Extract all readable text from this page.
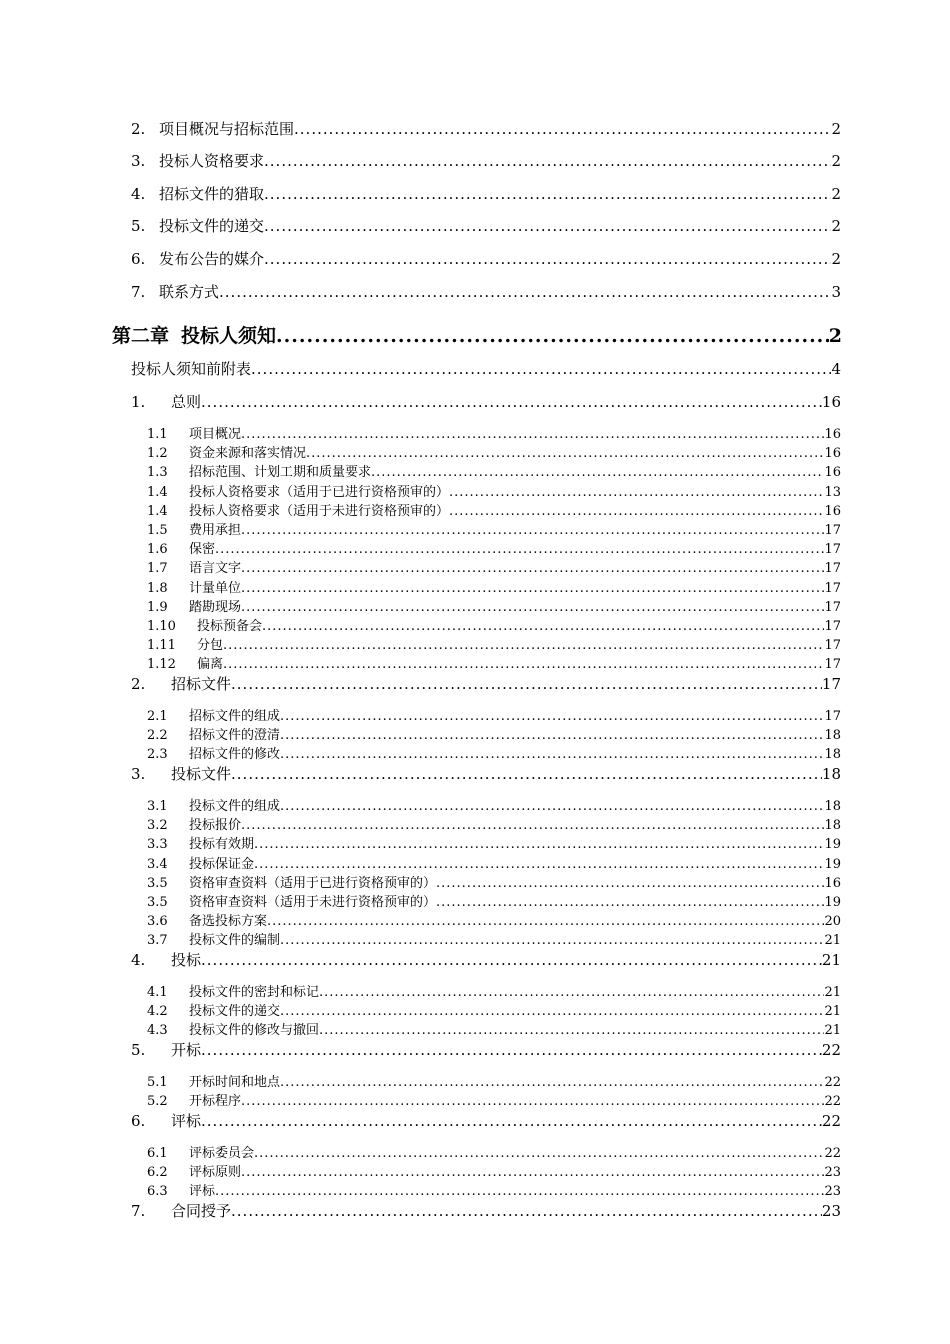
2. 项目概况与招标范围 .....	2
3. 投标人资格要求 .....	2
4. 招标文件的猎取 .....	2
5. 投标文件的递交 .....	2
6. 发布公告的媒介 .....	2
7. 联系方式 .....	3
第二章 投标人须知 .....	2
投标人须知前附表 .....	4
1.	总则 .....	16
1.1	项目概况 .....	16
1.2	资金来源和落实情况 .....	16
1.3	招标范围、计划工期和质量要求 .....	16
1.4	投标人资格要求（适用于已进行资格预审的） .....	13
1.4	投标人资格要求（适用于未进行资格预审的） .....	16
1.5	费用承担 .....	17
1.6	保密 .....	17
1.7	语言文字 .....	17
1.8	计量单位 .....	17
1.9	踏勘现场 .....	17
1.10	投标预备会 .....	17
1.11	分包 .....	17
1.12	偏离 .....	17
2.	招标文件 .....	17
2.1	招标文件的组成 .....	17
2.2	招标文件的澄清 .....	18
2.3	招标文件的修改 .....	18
3.	投标文件 .....	18
3.1	投标文件的组成 .....	18
3.2	投标报价 .....	18
3.3	投标有效期 .....	19
3.4	投标保证金 .....	19
3.5	资格审查资料（适用于已进行资格预审的） .....	16
3.5	资格审查资料（适用于未进行资格预审的） .....	19
3.6	备选投标方案 .....	20
3.7	投标文件的编制 .....	21
4.	投标 .....	21
4.1	投标文件的密封和标记 .....	21
4.2	投标文件的递交 .....	21
4.3	投标文件的修改与撤回 .....	21
5.	开标 .....	22
5.1	开标时间和地点 .....	22
5.2	开标程序 .....	22
6.	评标 .....	22
6.1	评标委员会 .....	22
6.2	评标原则 .....	23
6.3	评标 .....	23
7.	合同授予 .....	23
